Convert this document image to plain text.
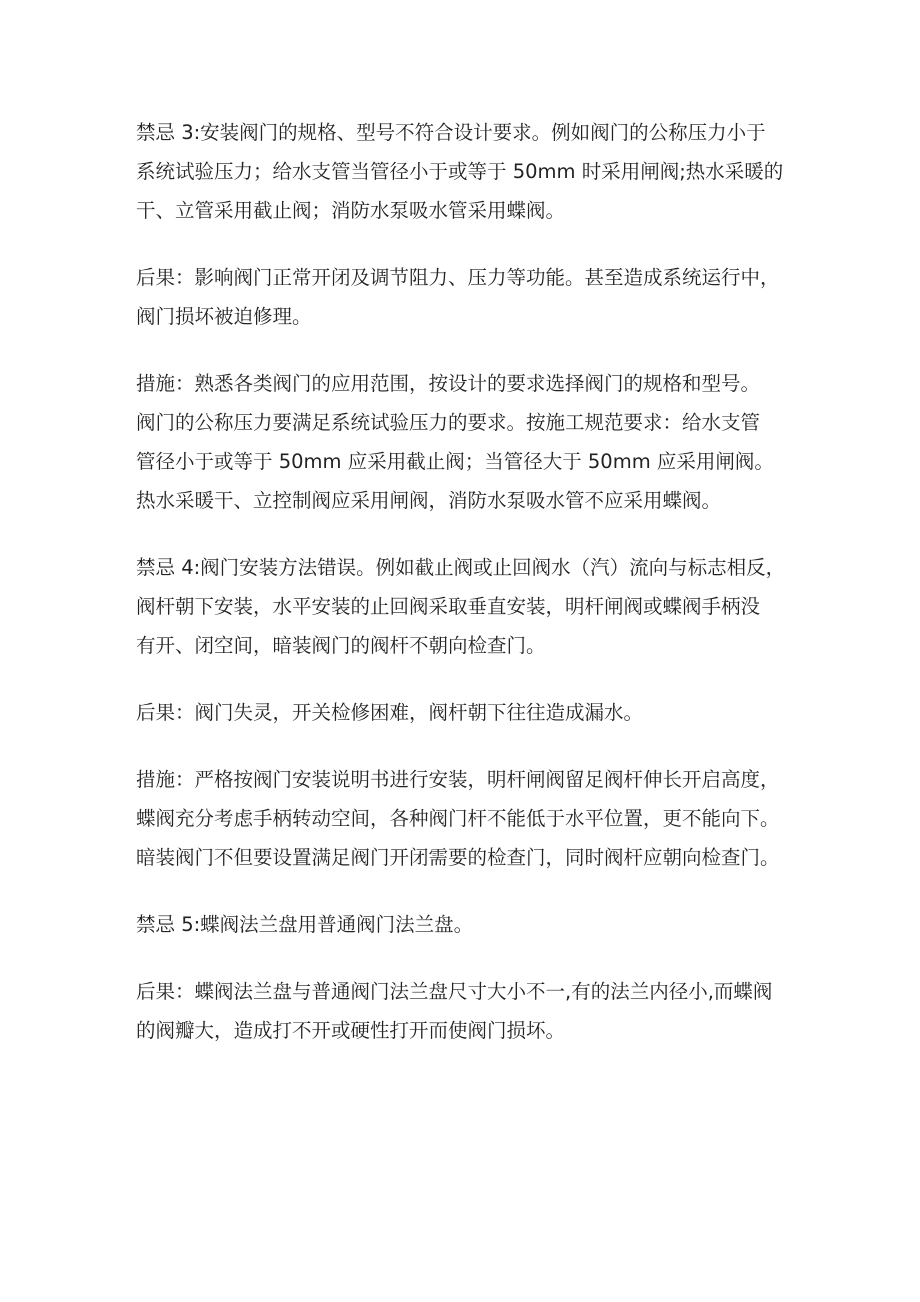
禁忌 3:安装阀门的规格、型号不符合设计要求。例如阀门的公称压力小于
系统试验压力；给水支管当管径小于或等于 50mm 时采用闸阀;热水采暖的
干、立管采用截止阀；消防水泵吸水管采用蝶阀。

后果：影响阀门正常开闭及调节阻力、压力等功能。甚至造成系统运行中，
阀门损坏被迫修理。

措施：熟悉各类阀门的应用范围，按设计的要求选择阀门的规格和型号。
阀门的公称压力要满足系统试验压力的要求。按施工规范要求：给水支管
管径小于或等于 50mm 应采用截止阀；当管径大于 50mm 应采用闸阀。
热水采暖干、立控制阀应采用闸阀，消防水泵吸水管不应采用蝶阀。

禁忌 4:阀门安装方法错误。例如截止阀或止回阀水（汽）流向与标志相反，
阀杆朝下安装，水平安装的止回阀采取垂直安装，明杆闸阀或蝶阀手柄没
有开、闭空间，暗装阀门的阀杆不朝向检查门。

后果：阀门失灵，开关检修困难，阀杆朝下往往造成漏水。

措施：严格按阀门安装说明书进行安装，明杆闸阀留足阀杆伸长开启高度，
蝶阀充分考虑手柄转动空间，各种阀门杆不能低于水平位置，更不能向下。
暗装阀门不但要设置满足阀门开闭需要的检查门，同时阀杆应朝向检查门。

禁忌 5:蝶阀法兰盘用普通阀门法兰盘。

后果：蝶阀法兰盘与普通阀门法兰盘尺寸大小不一,有的法兰内径小,而蝶阀
的阀瓣大，造成打不开或硬性打开而使阀门损坏。
